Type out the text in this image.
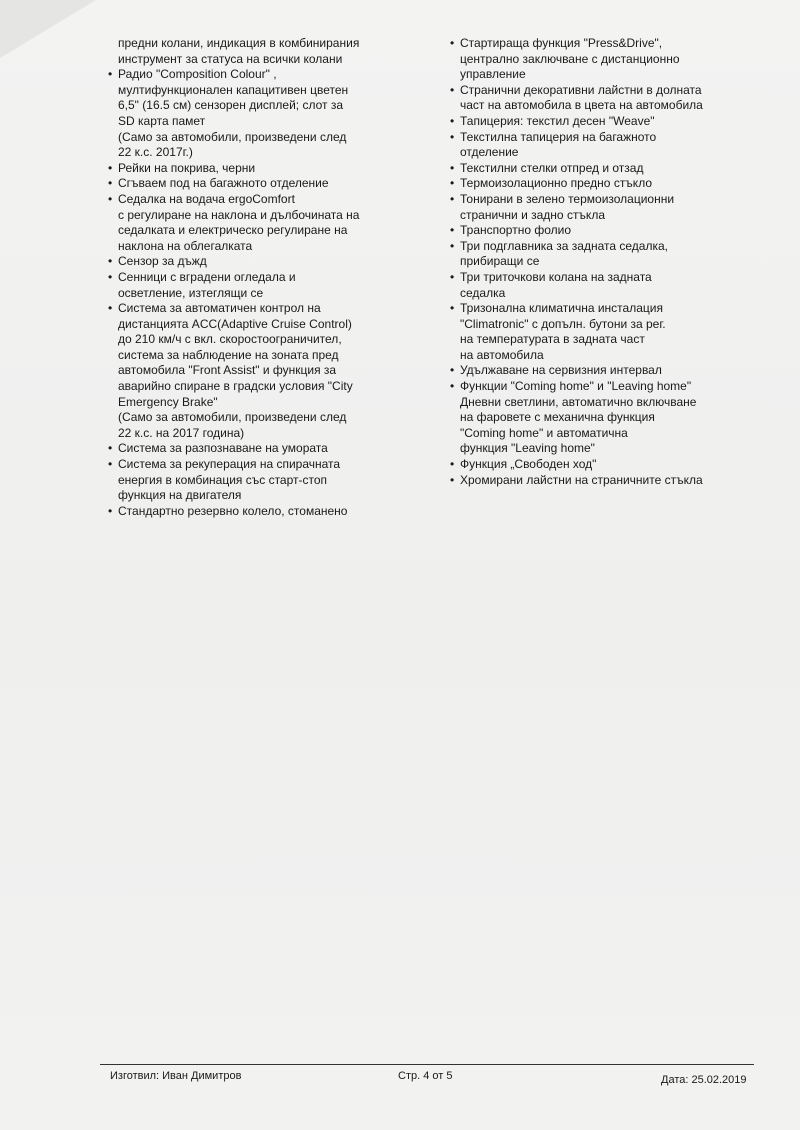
предни колани, индикация в комбинирания
инструмент за статуса на всички колани
• Радио "Composition Colour" ,
мултифункционален капацитивен цветен
6,5" (16.5 см) сензорен дисплей; слот за
SD карта памет
(Само за автомобили, произведени след
22 к.с. 2017г.)
• Рейки на покрива, черни
• Сгъваем под на багажното отделение
• Седалка на водача ergoComfort
с регулиране на наклона и дълбочината на
седалката и електрическо регулиране на
наклона на облегалката
• Сензор за дъжд
• Сенници с вградени огледала и
осветление, изтеглящи се
• Система за автоматичен контрол на
дистанцията ACC(Adaptive Cruise Control)
до 210 км/ч с вкл. скоростоограничител,
система за наблюдение на зоната пред
автомобила "Front Assist" и функция за
аварийно спиране в градски условия "City
Emergency Brake"
(Само за автомобили, произведени след
22 к.с. на 2017 година)
• Система за разпознаване на умората
• Система за рекуперация на спирачната
енергия в комбинация със старт-стоп
функция на двигателя
• Стандартно резервно колело, стоманено
• Стартираща функция "Press&Drive",
централно заключване с дистанционно
управление
• Странични декоративни лайстни в долната
част на автомобила в цвета на автомобила
• Тапицерия: текстил десен "Weave"
• Текстилна тапицерия на багажното
отделение
• Текстилни стелки отпред и отзад
• Термоизолационно предно стъкло
• Тонирани в зелено термоизолационни
странични и задно стъкла
• Транспортно фолио
• Три подглавника за задната седалка,
прибиращи се
• Три триточкови колана на задната
седалка
• Тризонална климатична инсталация
"Climatronic" с допълн. бутони за рег.
на температурата в задната част
на автомобила
• Удължаване на сервизния интервал
• Функции "Coming home" и "Leaving home"
Дневни светлини, автоматично включване
на фаровете с механична функция
"Coming home" и автоматична
функция "Leaving home"
• Функция „Свободен ход"
• Хромирани лайстни на страничните стъкла
Изготвил: Иван Димитров	Стр. 4 от 5	Дата: 25.02.2019
